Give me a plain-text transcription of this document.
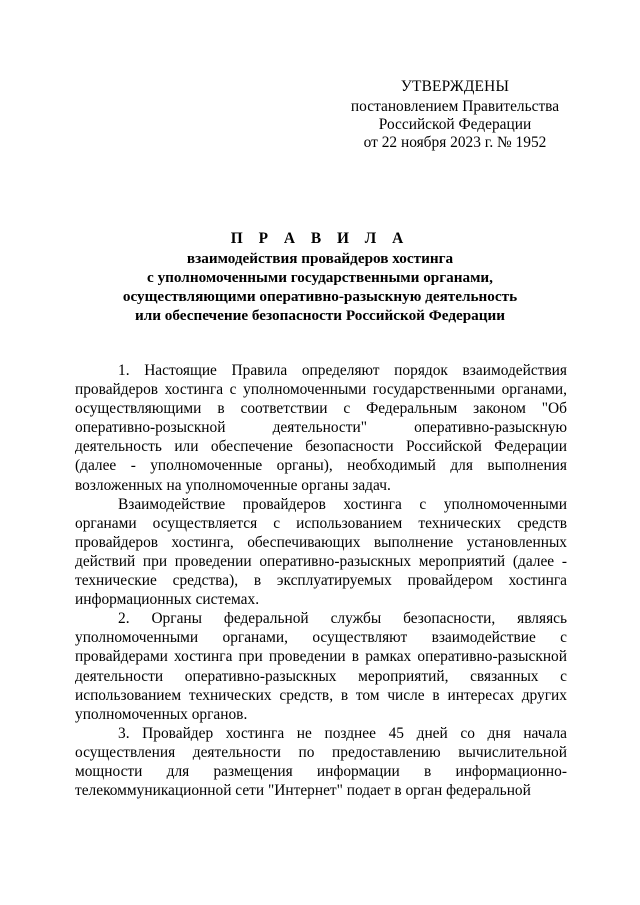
УТВЕРЖДЕНЫ
постановлением Правительства
Российской Федерации
от 22 ноября 2023 г. № 1952
П Р А В И Л А
взаимодействия провайдеров хостинга
с уполномоченными государственными органами,
осуществляющими оперативно-разыскную деятельность
или обеспечение безопасности Российской Федерации

1. Настоящие Правила определяют порядок взаимодействия провайдеров хостинга с уполномоченными государственными органами, осуществляющими в соответствии с Федеральным законом "Об оперативно-розыскной деятельности" оперативно-разыскную деятельность или обеспечение безопасности Российской Федерации (далее - уполномоченные органы), необходимый для выполнения возложенных на уполномоченные органы задач.

Взаимодействие провайдеров хостинга с уполномоченными органами осуществляется с использованием технических средств провайдеров хостинга, обеспечивающих выполнение установленных действий при проведении оперативно-разыскных мероприятий (далее - технические средства), в эксплуатируемых провайдером хостинга информационных системах.

2. Органы федеральной службы безопасности, являясь уполномоченными органами, осуществляют взаимодействие с провайдерами хостинга при проведении в рамках оперативно-разыскной деятельности оперативно-разыскных мероприятий, связанных с использованием технических средств, в том числе в интересах других уполномоченных органов.

3. Провайдер хостинга не позднее 45 дней со дня начала осуществления деятельности по предоставлению вычислительной мощности для размещения информации в информационно-телекоммуникационной сети "Интернет" подает в орган федеральной
